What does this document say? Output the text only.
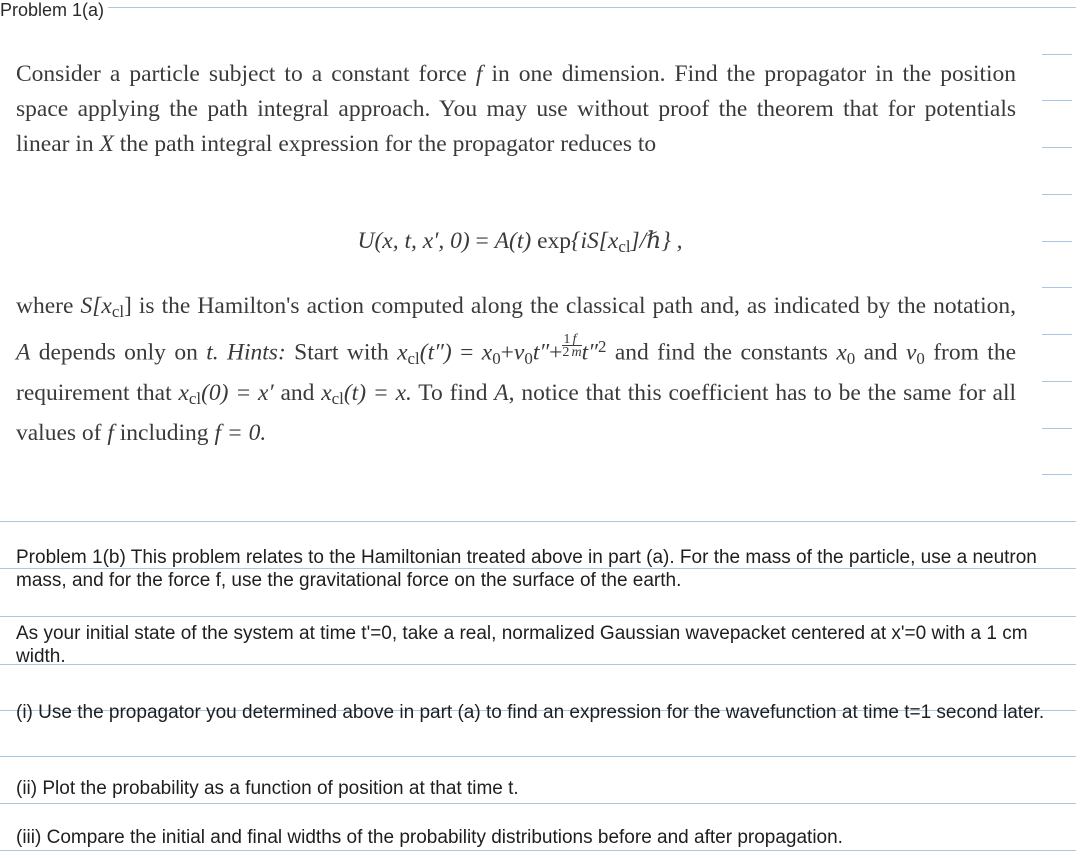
Problem 1(a)
Consider a particle subject to a constant force f in one dimension. Find the propagator in the position space applying the path integral approach. You may use without proof the theorem that for potentials linear in X the path integral expression for the propagator reduces to
U(x, t, x′, 0) = A(t) $\exp\{iS[x_{cl}]/\hbar\}$ ,
where $S[x_{cl}]$ is the Hamilton's action computed along the classical path and, as indicated by the notation, A depends only on t. Hints: Start with $x_{cl}(t'') = x_0+v_0t''+ \frac{1}{2} \frac{f}{m} t''^2$ and find the constants $x_0$ and $v_0$ from the requirement that $x_{cl}(0) = x'$ and $x_{cl}(t) = x$. To find A, notice that this coefficient has to be the same for all values of f including f = 0.
Problem 1(b) This problem relates to the Hamiltonian treated above in part (a). For the mass of the particle, use a neutron mass, and for the force f, use the gravitational force on the surface of the earth.
As your initial state of the system at time t'=0, take a real, normalized Gaussian wavepacket centered at x'=0 with a 1 cm width.
(i) Use the propagator you determined above in part (a) to find an expression for the wavefunction at time t=1 second later.
(ii) Plot the probability as a function of position at that time t.
(iii) Compare the initial and final widths of the probability distributions before and after propagation.
